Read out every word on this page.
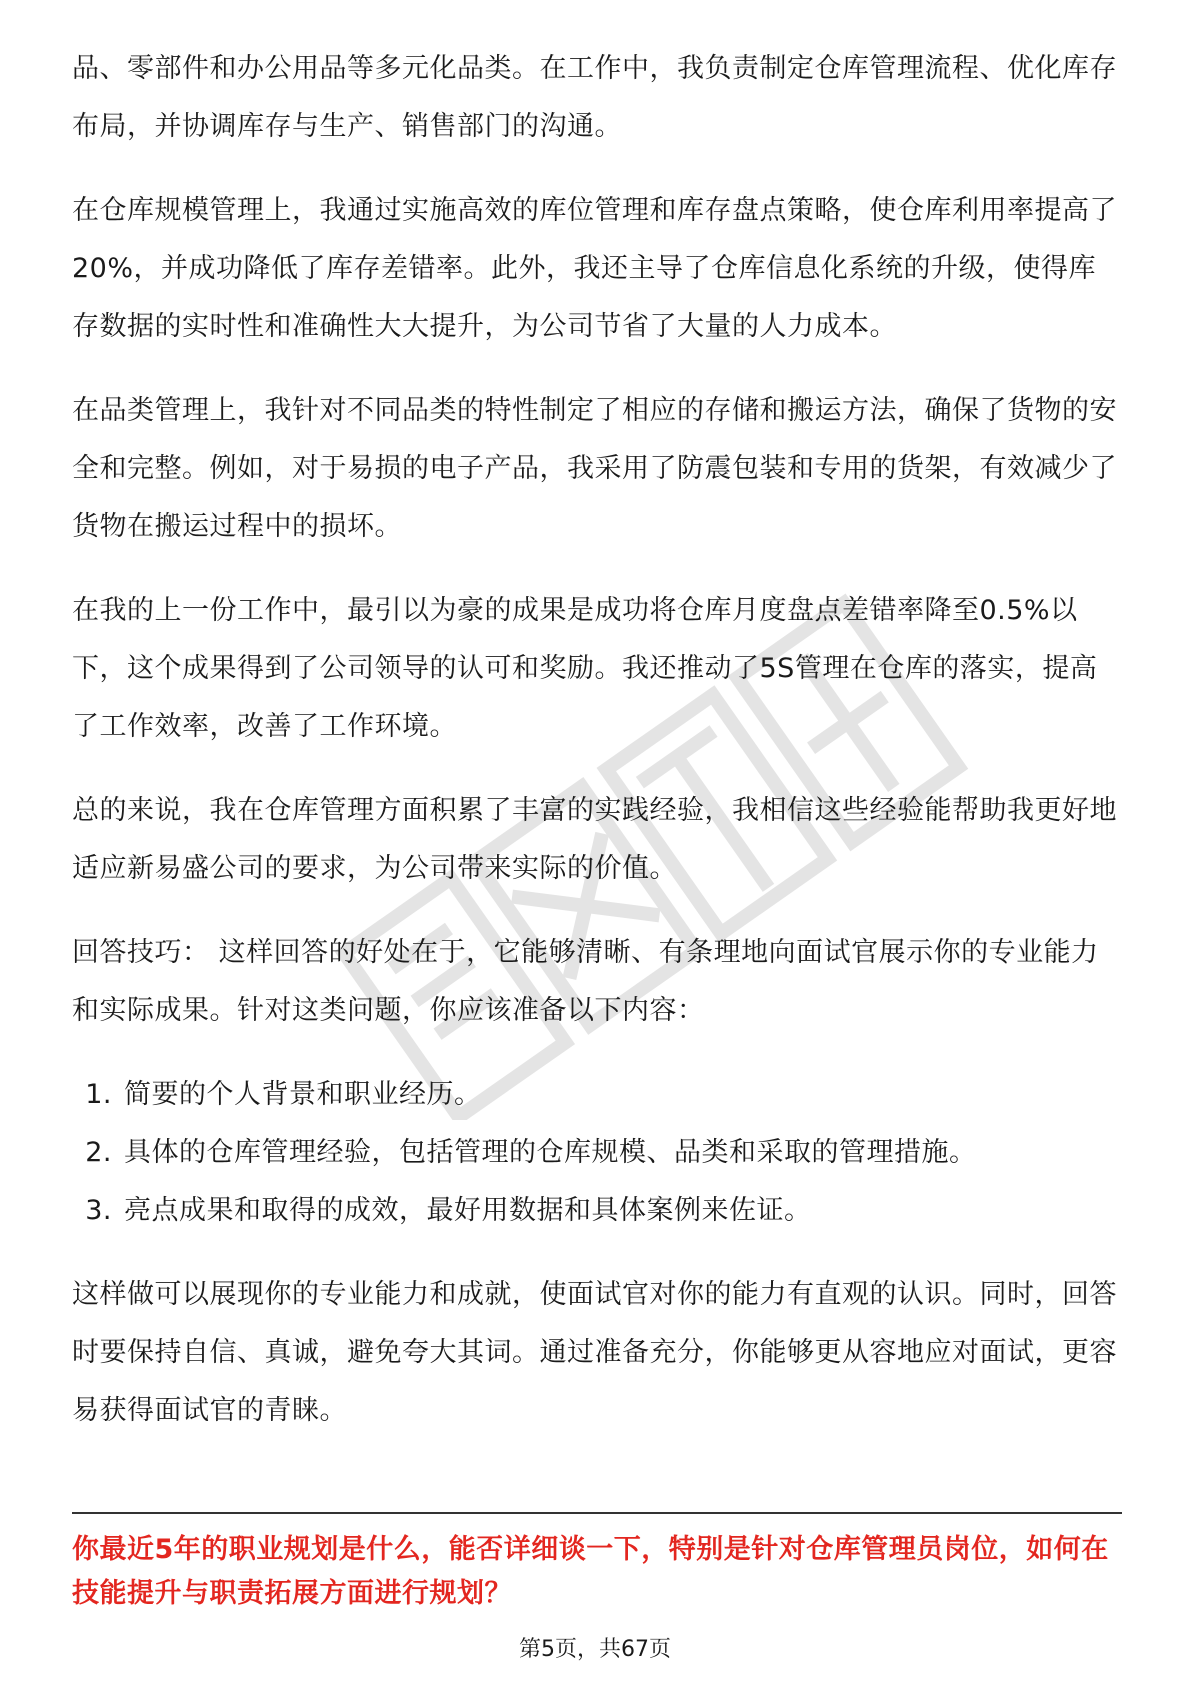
品、零部件和办公用品等多元化品类。在工作中，我负责制定仓库管理流程、优化库存布局，并协调库存与生产、销售部门的沟通。

在仓库规模管理上，我通过实施高效的库位管理和库存盘点策略，使仓库利用率提高了20%，并成功降低了库存差错率。此外，我还主导了仓库信息化系统的升级，使得库存数据的实时性和准确性大大提升，为公司节省了大量的人力成本。

在品类管理上，我针对不同品类的特性制定了相应的存储和搬运方法，确保了货物的安全和完整。例如，对于易损的电子产品，我采用了防震包装和专用的货架，有效减少了货物在搬运过程中的损坏。

在我的上一份工作中，最引以为豪的成果是成功将仓库月度盘点差错率降至0.5%以下，这个成果得到了公司领导的认可和奖励。我还推动了5S管理在仓库的落实，提高了工作效率，改善了工作环境。

总的来说，我在仓库管理方面积累了丰富的实践经验，我相信这些经验能帮助我更好地适应新易盛公司的要求，为公司带来实际的价值。

回答技巧： 这样回答的好处在于，它能够清晰、有条理地向面试官展示你的专业能力和实际成果。针对这类问题，你应该准备以下内容：

1. 简要的个人背景和职业经历。
2. 具体的仓库管理经验，包括管理的仓库规模、品类和采取的管理措施。
3. 亮点成果和取得的成效，最好用数据和具体案例来佐证。

这样做可以展现你的专业能力和成就，使面试官对你的能力有直观的认识。同时，回答时要保持自信、真诚，避免夸大其词。通过准备充分，你能够更从容地应对面试，更容易获得面试官的青睐。

你最近5年的职业规划是什么，能否详细谈一下，特别是针对仓库管理员岗位，如何在技能提升与职责拓展方面进行规划？

第5页，共67页
